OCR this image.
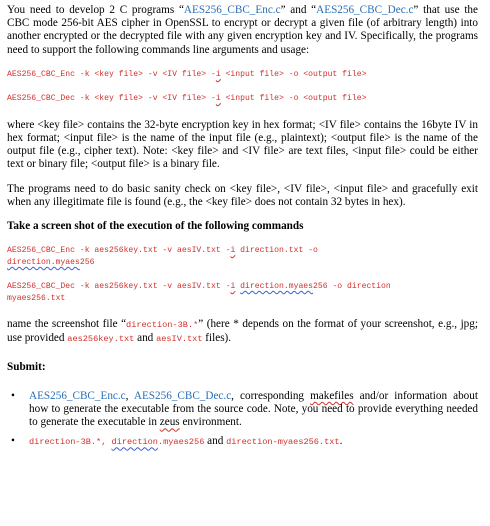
You need to develop 2 C programs “AES256_CBC_Enc.c” and “AES256_CBC_Dec.c” that use the CBC mode 256-bit AES cipher in OpenSSL to encrypt or decrypt a given file (of arbitrary length) into another encrypted or the decrypted file with any given encryption key and IV. Specifically, the programs need to support the following commands line arguments and usage:

AES256_CBC_Enc -k <key file> -v <IV file> -i <input file> -o <output file>
AES256_CBC_Dec -k <key file> -v <IV file> -i <input file> -o <output file>

where <key file> contains the 32-byte encryption key in hex format; <IV file> contains the 16byte IV in hex format; <input file> is the name of the input file (e.g., plaintext); <output file> is the name of the output file (e.g., cipher text). Note: <key file> and <IV file> are text files, <input file> could be either text or binary file; <output file> is a binary file.

The programs need to do basic sanity check on <key file>, <IV file>, <input file> and gracefully exit when any illegitimate file is found (e.g., the <key file> does not contain 32 bytes in hex).

Take a screen shot of the execution of the following commands

AES256_CBC_Enc -k aes256key.txt -v aesIV.txt -i direction.txt -o
direction.myaes256
AES256_CBC_Dec -k aes256key.txt -v aesIV.txt -i direction.myaes256 -o direction
myaes256.txt

name the screenshot file “direction-3B.*” (here * depends on the format of your screenshot, e.g., jpg; use provided aes256key.txt and aesIV.txt files).

Submit:

• AES256_CBC_Enc.c, AES256_CBC_Dec.c, corresponding makefiles and/or information about how to generate the executable from the source code. Note, you need to provide everything needed to generate the executable in zeus environment.
• direction-3B.*, direction.myaes256 and direction-myaes256.txt.
